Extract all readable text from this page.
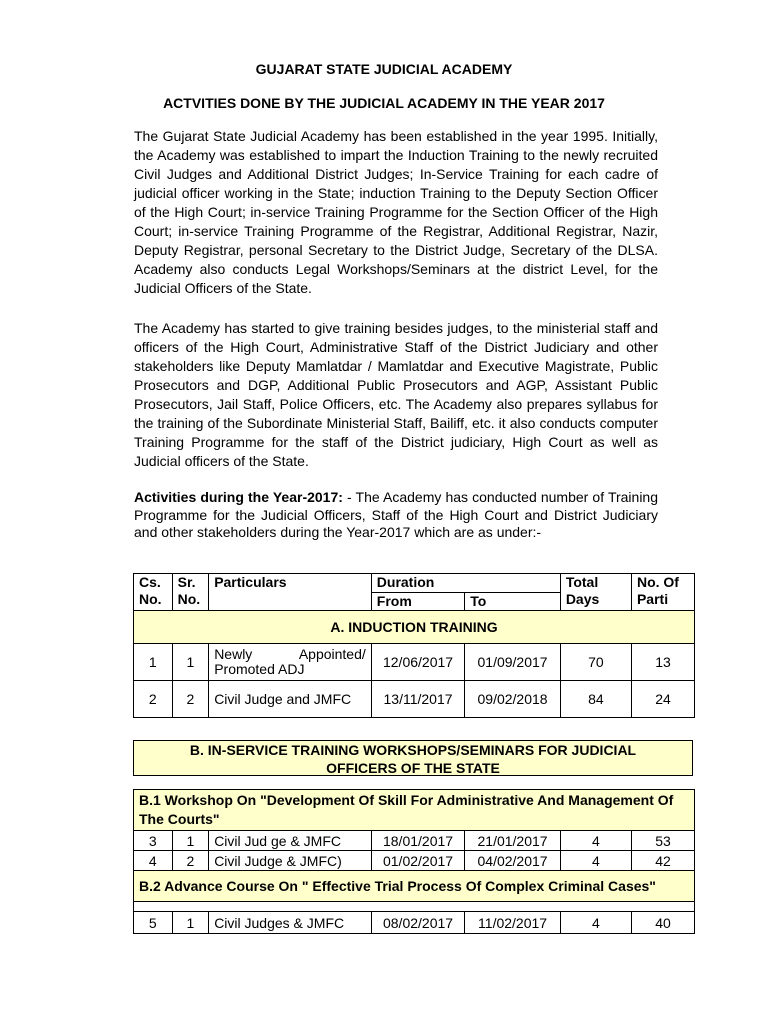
GUJARAT STATE JUDICIAL ACADEMY
ACTVITIES DONE BY THE JUDICIAL ACADEMY IN THE YEAR 2017

The Gujarat State Judicial Academy has been established in the year 1995. Initially, the Academy was established to impart the Induction Training to the newly recruited Civil Judges and Additional District Judges; In-Service Training for each cadre of judicial officer working in the State; induction Training to the Deputy Section Officer of the High Court; in-service Training Programme for the Section Officer of the High Court; in-service Training Programme of the Registrar, Additional Registrar, Nazir, Deputy Registrar, personal Secretary to the District Judge, Secretary of the DLSA. Academy also conducts Legal Workshops/Seminars at the district Level, for the Judicial Officers of the State.

The Academy has started to give training besides judges, to the ministerial staff and officers of the High Court, Administrative Staff of the District Judiciary and other stakeholders like Deputy Mamlatdar / Mamlatdar and Executive Magistrate, Public Prosecutors and DGP, Additional Public Prosecutors and AGP, Assistant Public Prosecutors, Jail Staff, Police Officers, etc. The Academy also prepares syllabus for the training of the Subordinate Ministerial Staff, Bailiff, etc. it also conducts computer Training Programme for the staff of the District judiciary, High Court as well as Judicial officers of the State.

Activities during the Year-2017: - The Academy has conducted number of Training Programme for the Judicial Officers, Staff of the High Court and District Judiciary and other stakeholders during the Year-2017 which are as under:-

Cs. No.	Sr. No.	Particulars	Duration		Total Days	No. Of Parti
			From	To		
A. INDUCTION TRAINING						
1	1	Newly Appointed/
Promoted ADJ	12/06/2017	01/09/2017	70	13
2	2	Civil Judge and JMFC	13/11/2017	09/02/2018	84	24
B. IN-SERVICE TRAINING WORKSHOPS/SEMINARS FOR JUDICIAL
OFFICERS OF THE STATE
B.1 Workshop On "Development Of Skill For Administrative And Management Of The Courts"						
3	1	Civil Jud ge & JMFC	18/01/2017	21/01/2017	4	53
4	2	Civil Judge & JMFC)	01/02/2017	04/02/2017	4	42
B.2 Advance Course On " Effective Trial Process Of Complex Criminal Cases"						

5	1	Civil Judges & JMFC	08/02/2017	11/02/2017	4	40
